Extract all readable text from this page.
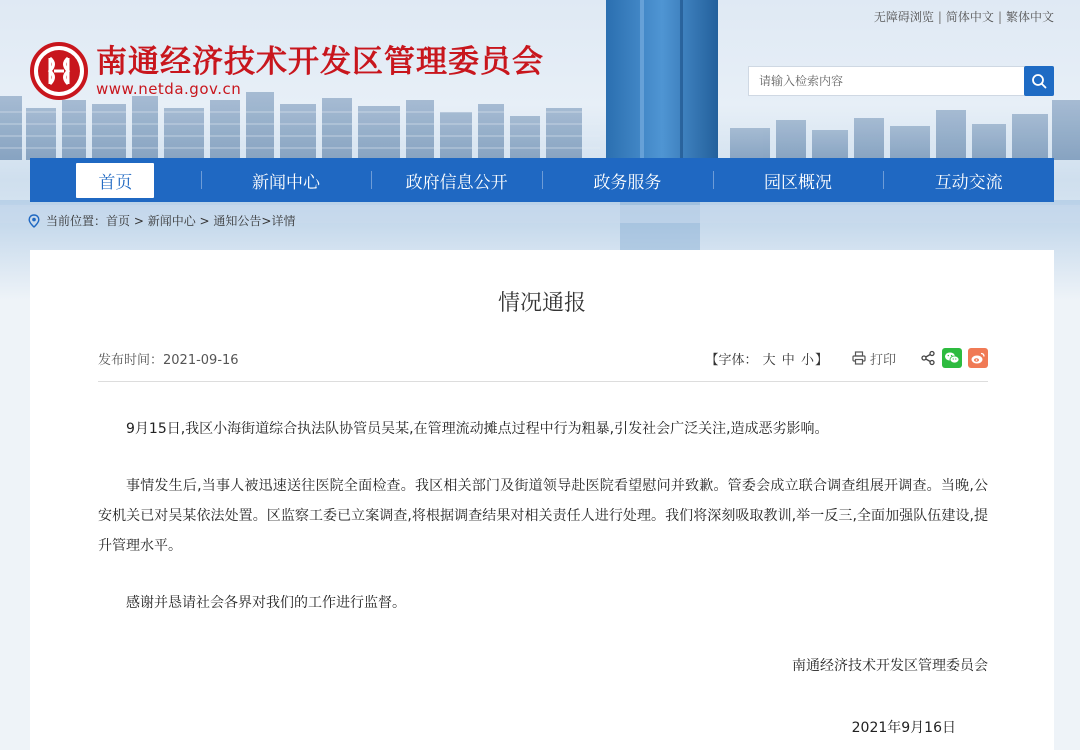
无障碍浏览 | 简体中文 | 繁体中文
南通经济技术开发区管理委员会
www.netda.gov.cn
请输入检索内容
首页	新闻中心	政府信息公开	政务服务	园区概况	互动交流
当前位置： 首页 > 新闻中心 > 通知公告>详情
情况通报
发布时间：2021-09-16	【字体： 大 中 小】	打印

9月15日,我区小海街道综合执法队协管员吴某,在管理流动摊点过程中行为粗暴,引发社会广泛关注,造成恶劣影响。

事情发生后,当事人被迅速送往医院全面检查。我区相关部门及街道领导赴医院看望慰问并致歉。管委会成立联合调查组展开调查。当晚,公安机关已对吴某依法处置。区监察工委已立案调查,将根据调查结果对相关责任人进行处理。我们将深刻吸取教训,举一反三,全面加强队伍建设,提升管理水平。

感谢并恳请社会各界对我们的工作进行监督。

南通经济技术开发区管理委员会
2021年9月16日
